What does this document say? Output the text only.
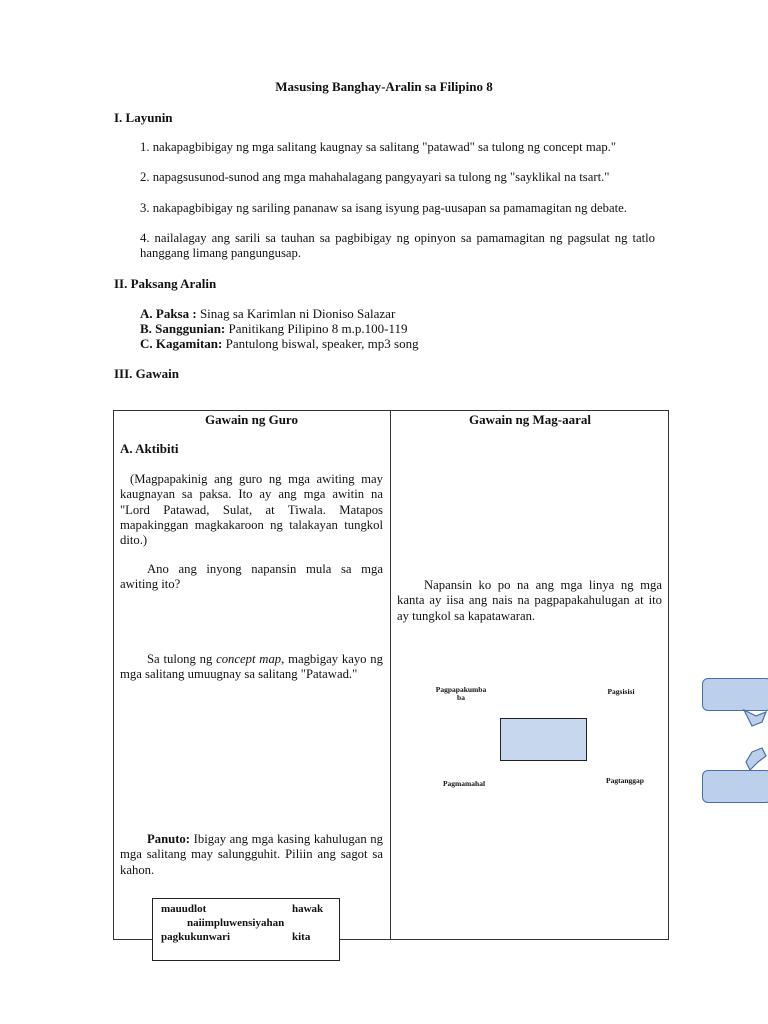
Masusing Banghay-Aralin sa Filipino 8
I. Layunin
1. nakapagbibigay ng mga salitang kaugnay sa salitang "patawad" sa tulong ng concept map."
2. napagsusunod-sunod ang mga mahahalagang pangyayari sa tulong ng "sayklikal na tsart."
3. nakapagbibigay ng sariling pananaw sa isang isyung pag-uusapan sa pamamagitan ng debate.
4. nailalagay ang sarili sa tauhan sa pagbibigay ng opinyon sa pamamagitan ng pagsulat ng tatlo hanggang limang pangungusap.
II. Paksang Aralin
A. Paksa : Sinag sa Karimlan ni Dioniso Salazar
B. Sanggunian: Panitikang Pilipino 8 m.p.100-119
C. Kagamitan: Pantulong biswal, speaker, mp3 song
III. Gawain
Gawain ng Guro	Gawain ng Mag-aaral
A. Aktibiti
(Magpapakinig ang guro ng mga awiting may kaugnayan sa paksa. Ito ay ang mga awitin na "Lord Patawad, Sulat, at Tiwala. Matapos mapakinggan magkakaroon ng talakayan tungkol dito.)
Ano ang inyong napansin mula sa mga awiting ito?
Sa tulong ng concept map, magbigay kayo ng mga salitang umuugnay sa salitang "Patawad."
Panuto: Ibigay ang mga kasing kahulugan ng mga salitang may salungguhit. Piliin ang sagot sa kahon.
Napansin ko po na ang mga linya ng mga kanta ay iisa ang nais na pagpapakahulugan at ito ay tungkol sa kapatawaran.
Pagpapakumba
ba
Pagsisisi
Pagmamahal	Pagtanggap
mauudlot	hawak
naiimpluwensiyahan
pagkukunwari	kita
